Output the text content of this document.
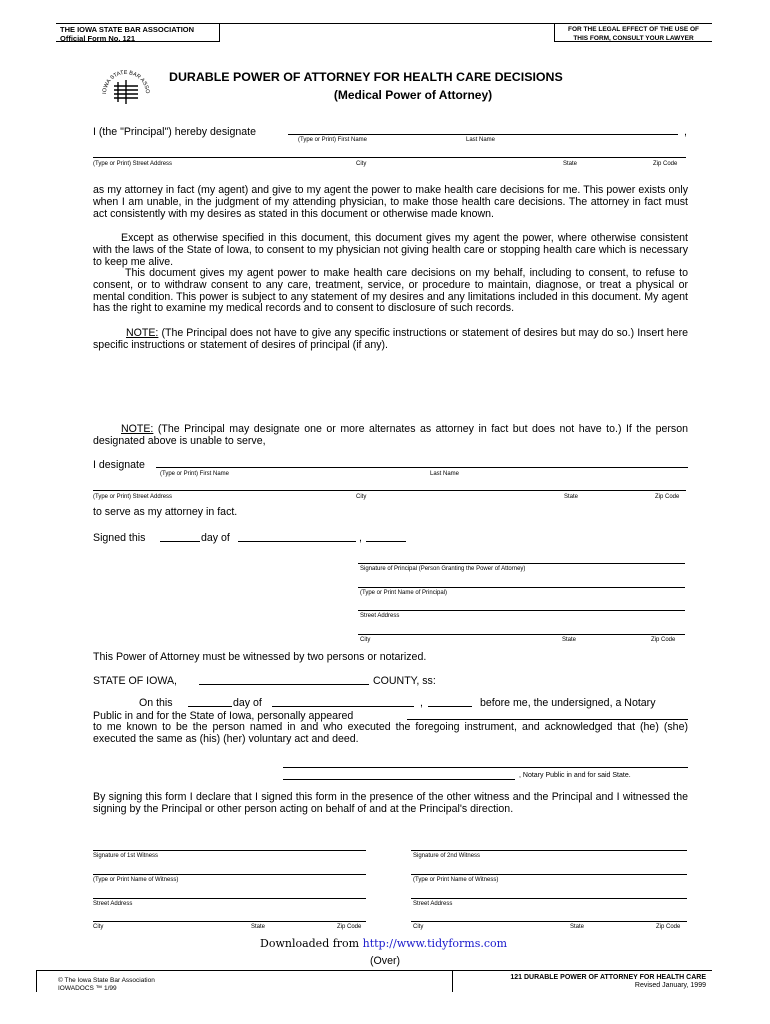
THE IOWA STATE BAR ASSOCIATION
Official Form No. 121
FOR THE LEGAL EFFECT OF THE USE OF
THIS FORM, CONSULT YOUR LAWYER
IOWA STATE BAR ASSO
DURABLE POWER OF ATTORNEY FOR HEALTH CARE DECISIONS
(Medical Power of Attorney)
I (the "Principal") hereby designate	,
(Type or Print) First Name	Last Name
(Type or Print) Street Address	City	State	Zip Code
as my attorney in fact (my agent) and give to my agent the power to make health care decisions for me. This power exists only when I am unable, in the judgment of my attending physician, to make those health care decisions. The attorney in fact must act consistently with my desires as stated in this document or otherwise made known.
Except as otherwise specified in this document, this document gives my agent the power, where otherwise consistent with the laws of the State of Iowa, to consent to my physician not giving health care or stopping health care which is necessary to keep me alive.
This document gives my agent power to make health care decisions on my behalf, including to consent, to refuse to consent, or to withdraw consent to any care, treatment, service, or procedure to maintain, diagnose, or treat a physical or mental condition. This power is subject to any statement of my desires and any limitations included in this document. My agent has the right to examine my medical records and to consent to disclosure of such records.
NOTE: (The Principal does not have to give any specific instructions or statement of desires but may do so.) Insert here specific instructions or statement of desires of principal (if any).
NOTE: (The Principal may designate one or more alternates as attorney in fact but does not have to.) If the person designated above is unable to serve,
I designate
(Type or Print) First Name	Last Name
(Type or Print) Street Address	City	State	Zip Code
to serve as my attorney in fact.
Signed this	day of	,
Signature of Principal (Person Granting the Power of Attorney)
(Type or Print Name of Principal)
Street Address
City	State	Zip Code
This Power of Attorney must be witnessed by two persons or notarized.
STATE OF IOWA,	COUNTY, ss:
On this	day of	,	before me, the undersigned, a Notary
Public in and for the State of Iowa, personally appeared
to me known to be the person named in and who executed the foregoing instrument, and acknowledged that (he) (she) executed the same as (his) (her) voluntary act and deed.
, Notary Public in and for said State.
By signing this form I declare that I signed this form in the presence of the other witness and the Principal and I witnessed the signing by the Principal or other person acting on behalf of and at the Principal's direction.
Signature of 1st Witness	Signature of 2nd Witness
(Type or Print Name of Witness)	(Type or Print Name of Witness)
Street Address	Street Address
City	State	Zip Code	City	State	Zip Code
Downloaded from http://www.tidyforms.com
(Over)
© The Iowa State Bar Association
IOWADOCS ™ 1/99
121 DURABLE POWER OF ATTORNEY FOR HEALTH CARE
Revised January, 1999
